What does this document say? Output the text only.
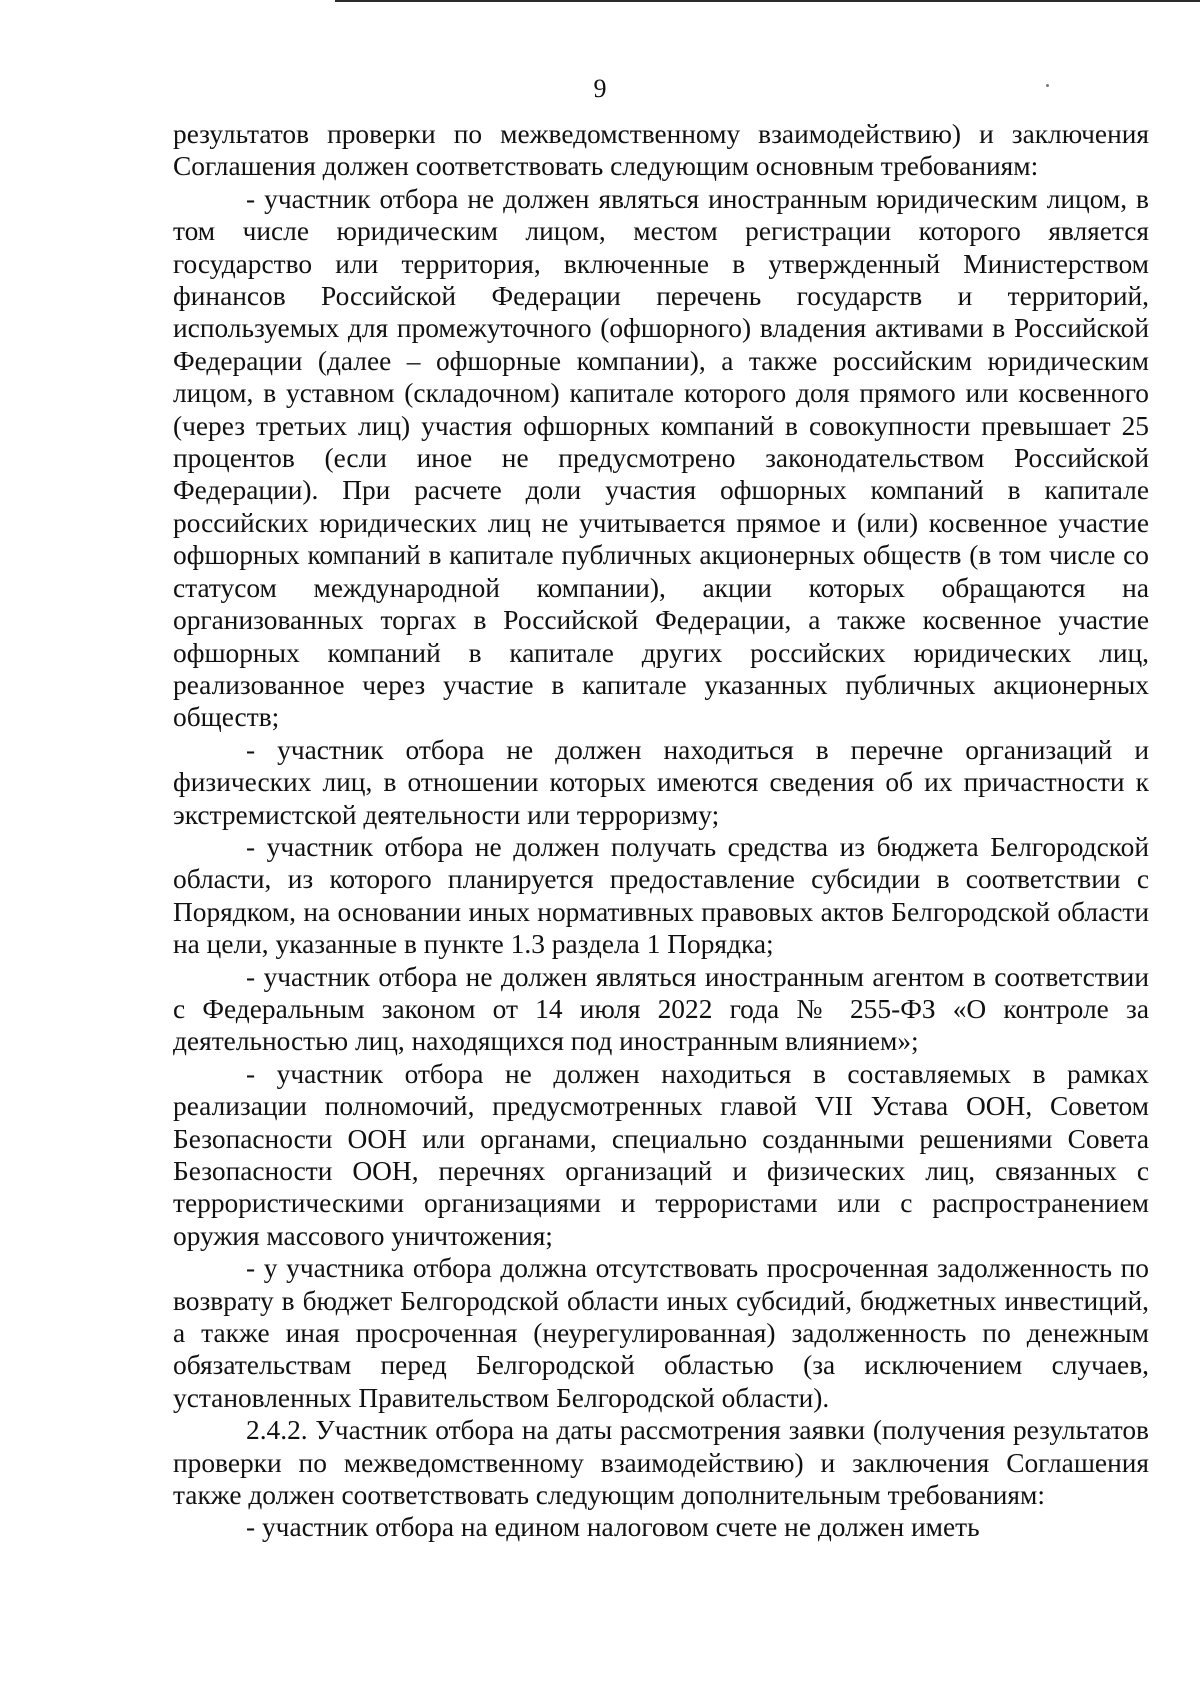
9

результатов проверки по межведомственному взаимодействию) и заключения Соглашения должен соответствовать следующим основным требованиям:

- участник отбора не должен являться иностранным юридическим лицом, в том числе юридическим лицом, местом регистрации которого является государство или территория, включенные в утвержденный Министерством финансов Российской Федерации перечень государств и территорий, используемых для промежуточного (офшорного) владения активами в Российской Федерации (далее – офшорные компании), а также российским юридическим лицом, в уставном (складочном) капитале которого доля прямого или косвенного (через третьих лиц) участия офшорных компаний в совокупности превышает 25 процентов (если иное не предусмотрено законодательством Российской Федерации). При расчете доли участия офшорных компаний в капитале российских юридических лиц не учитывается прямое и (или) косвенное участие офшорных компаний в капитале публичных акционерных обществ (в том числе со статусом международной компании), акции которых обращаются на организованных торгах в Российской Федерации, а также косвенное участие офшорных компаний в капитале других российских юридических лиц, реализованное через участие в капитале указанных публичных акционерных обществ;

- участник отбора не должен находиться в перечне организаций и физических лиц, в отношении которых имеются сведения об их причастности к экстремистской деятельности или терроризму;

- участник отбора не должен получать средства из бюджета Белгородской области, из которого планируется предоставление субсидии в соответствии с Порядком, на основании иных нормативных правовых актов Белгородской области на цели, указанные в пункте 1.3 раздела 1 Порядка;

- участник отбора не должен являться иностранным агентом в соответствии с Федеральным законом от 14 июля 2022 года № 255-ФЗ «О контроле за деятельностью лиц, находящихся под иностранным влиянием»;

- участник отбора не должен находиться в составляемых в рамках реализации полномочий, предусмотренных главой VII Устава ООН, Советом Безопасности ООН или органами, специально созданными решениями Совета Безопасности ООН, перечнях организаций и физических лиц, связанных с террористическими организациями и террористами или с распространением оружия массового уничтожения;

- у участника отбора должна отсутствовать просроченная задолженность по возврату в бюджет Белгородской области иных субсидий, бюджетных инвестиций, а также иная просроченная (неурегулированная) задолженность по денежным обязательствам перед Белгородской областью (за исключением случаев, установленных Правительством Белгородской области).

2.4.2. Участник отбора на даты рассмотрения заявки (получения результатов проверки по межведомственному взаимодействию) и заключения Соглашения также должен соответствовать следующим дополнительным требованиям:

- участник отбора на едином налоговом счете не должен иметь
